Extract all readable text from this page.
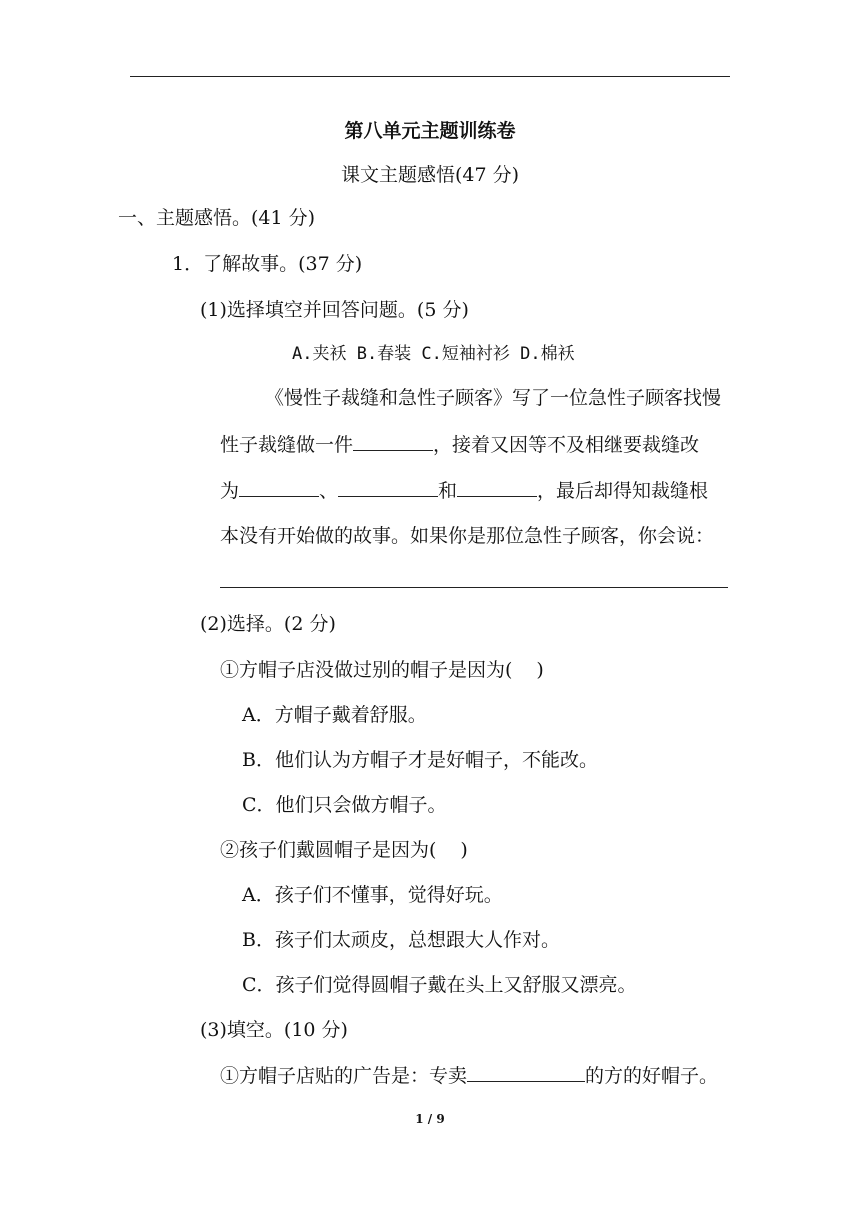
第八单元主题训练卷
课文主题感悟(47 分)
一、主题感悟。(41 分)
1．了解故事。(37 分)
(1)选择填空并回答问题。(5 分)
A.夹袄 B.春装 C.短袖衬衫 D.棉袄
《慢性子裁缝和急性子顾客》写了一位急性子顾客找慢
性子裁缝做一件	，接着又因等不及相继要裁缝改
为	、	和	，最后却得知裁缝根
本没有开始做的故事。如果你是那位急性子顾客，你会说：
(2)选择。(2 分)
①方帽子店没做过别的帽子是因为( )
A．方帽子戴着舒服。
B．他们认为方帽子才是好帽子，不能改。
C．他们只会做方帽子。
②孩子们戴圆帽子是因为( )
A．孩子们不懂事，觉得好玩。
B．孩子们太顽皮，总想跟大人作对。
C．孩子们觉得圆帽子戴在头上又舒服又漂亮。
(3)填空。(10 分)
①方帽子店贴的广告是：专卖	的方的好帽子。
1 / 9
